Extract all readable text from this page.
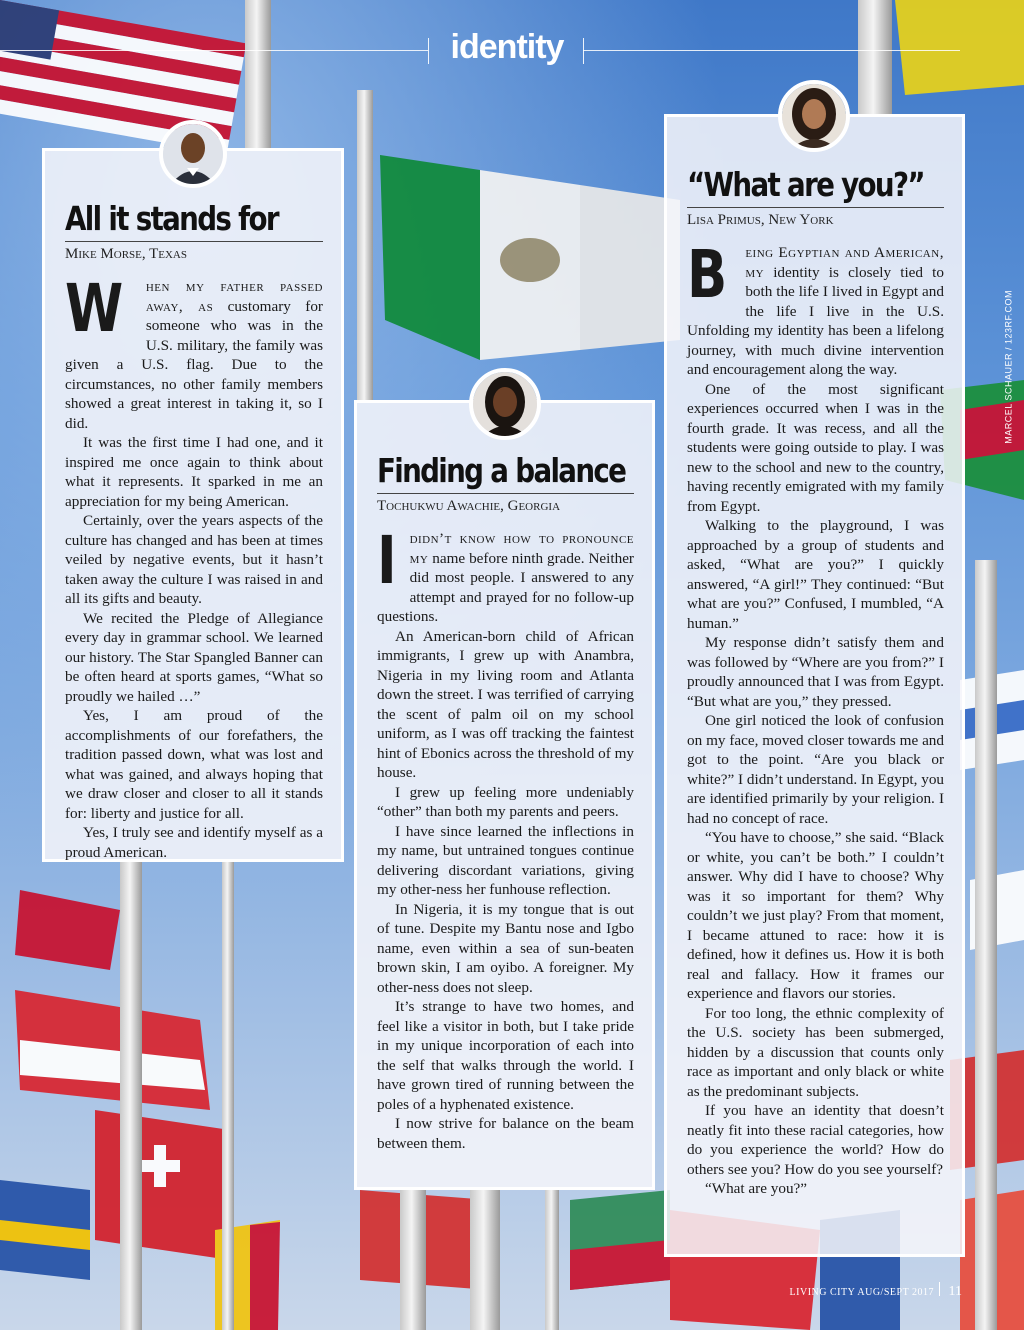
identity
MARCEL SCHAUER / 123RF.COM
All it stands for
Mike Morse, Texas

W hen my father passed away, as customary for someone who was in the U.S. military, the family was given a U.S. flag. Due to the circumstances, no other family members showed a great interest in taking it, so I did.

It was the first time I had one, and it inspired me once again to think about what it represents. It sparked in me an appreciation for my being American.

Certainly, over the years aspects of the culture has changed and has been at times veiled by negative events, but it hasn’t taken away the culture I was raised in and all its gifts and beauty.

We recited the Pledge of Allegiance every day in grammar school. We learned our history. The Star Spangled Banner can be often heard at sports games, “What so proudly we hailed …”

Yes, I am proud of the accomplishments of our forefathers, the tradition passed down, what was lost and what was gained, and always hoping that we draw closer and closer to all it stands for: liberty and justice for all.

Yes, I truly see and identify myself as a proud American.

Finding a balance
Tochukwu Awachie, Georgia

Ididn’t know how to pronounce my name before ninth grade. Neither did most people. I answered to any attempt and prayed for no follow-up questions.

An American-born child of African immigrants, I grew up with Anambra, Nigeria in my living room and Atlanta down the street. I was terrified of carrying the scent of palm oil on my school uniform, as I was off tracking the faintest hint of Ebonics across the threshold of my house.

I grew up feeling more undeniably “other” than both my parents and peers.

I have since learned the inflections in my name, but untrained tongues continue delivering discordant variations, giving my other-ness her funhouse reflection.

In Nigeria, it is my tongue that is out of tune. Despite my Bantu nose and Igbo name, even within a sea of sun-beaten brown skin, I am oyibo. A foreigner. My other-ness does not sleep.

It’s strange to have two homes, and feel like a visitor in both, but I take pride in my unique incorporation of each into the self that walks through the world. I have grown tired of running between the poles of a hyphenated existence.

I now strive for balance on the beam between them.

“What are you?”
Lisa Primus, New York

B eing Egyptian and American, my identity is closely tied to both the life I lived in Egypt and the life I live in the U.S. Unfolding my identity has been a lifelong journey, with much divine intervention and encouragement along the way.

One of the most significant experiences occurred when I was in the fourth grade. It was recess, and all the students were going outside to play. I was new to the school and new to the country, having recently emigrated with my family from Egypt.

Walking to the playground, I was approached by a group of students and asked, “What are you?” I quickly answered, “A girl!” They continued: “But what are you?” Confused, I mumbled, “A human.”

My response didn’t satisfy them and was followed by “Where are you from?” I proudly announced that I was from Egypt. “But what are you,” they pressed.

One girl noticed the look of confusion on my face, moved closer towards me and got to the point. “Are you black or white?” I didn’t understand. In Egypt, you are identified primarily by your religion. I had no concept of race.

“You have to choose,” she said. “Black or white, you can’t be both.” I couldn’t answer. Why did I have to choose? Why was it so important for them? Why couldn’t we just play? From that moment, I became attuned to race: how it is defined, how it defines us. How it is both real and fallacy. How it frames our experience and flavors our stories.

For too long, the ethnic complexity of the U.S. society has been submerged, hidden by a discussion that counts only race as important and only black or white as the predominant subjects.

If you have an identity that doesn’t neatly fit into these racial categories, how do you experience the world? How do others see you? How do you see yourself?

“What are you?”

LIVING CITY AUG/SEPT 2017 11
